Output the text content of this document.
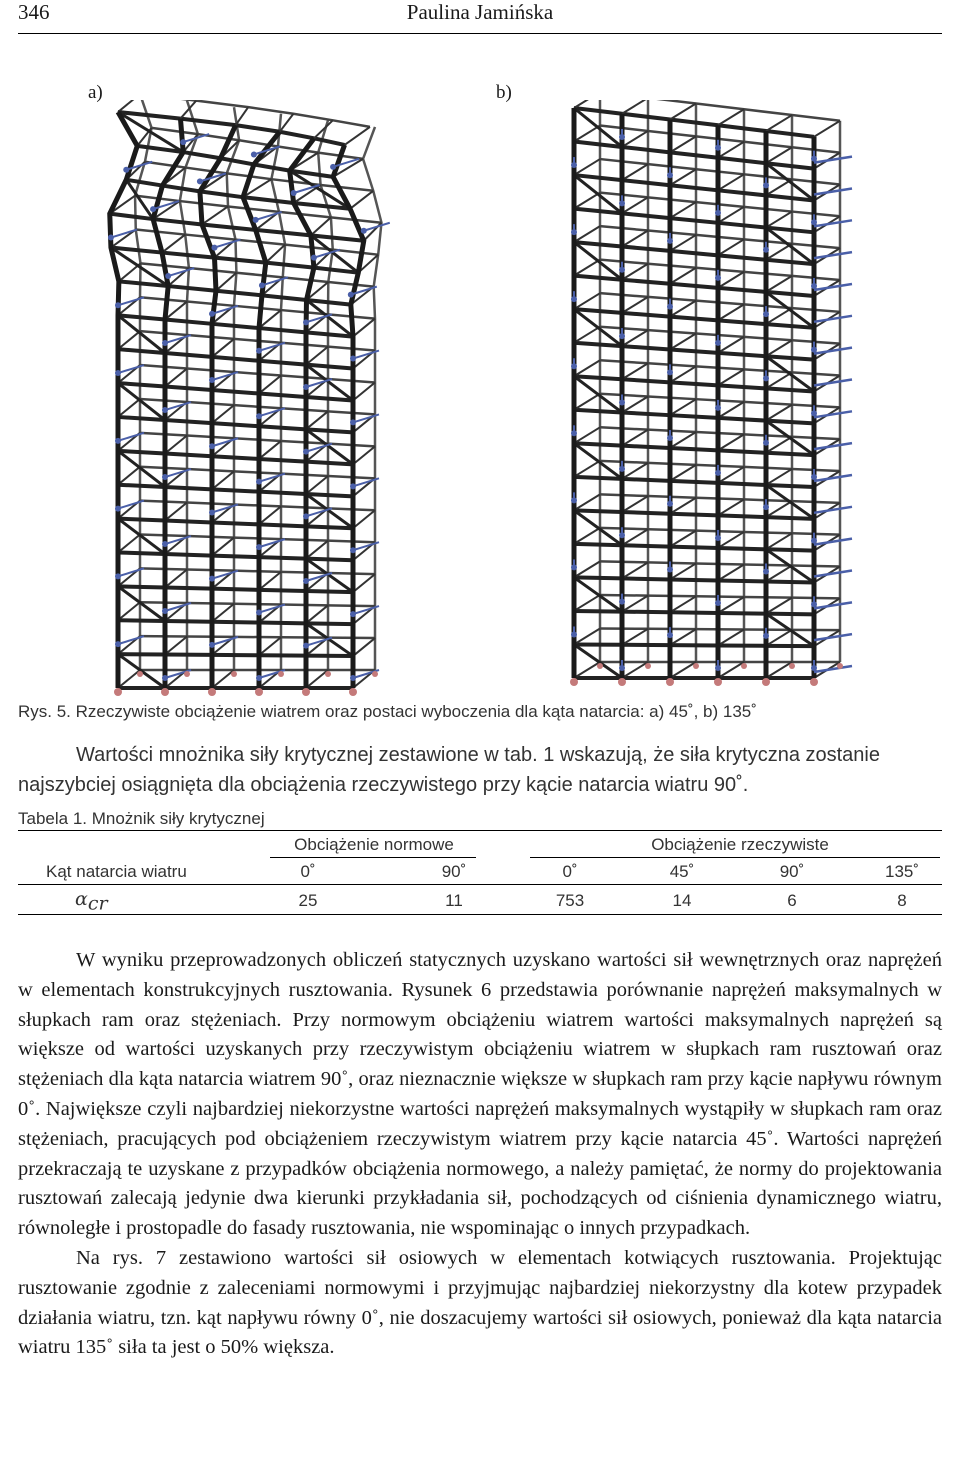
346	Paulina Jamińska
a)	b)
Rys. 5. Rzeczywiste obciążenie wiatrem oraz postaci wyboczenia dla kąta natarcia: a) 45˚, b) 135˚

Wartości mnożnika siły krytycznej zestawione w tab. 1 wskazują, że siła krytyczna zostanie najszybciej osiągnięta dla obciążenia rzeczywistego przy kącie natarcia wiatru 90˚.

Tabela 1. Mnożnik siły krytycznej
Obciążenie normowe	Obciążenie rzeczywiste
Kąt natarcia wiatru	0˚	90˚	0˚	45˚	90˚	135˚
$\alpha_{cr}$	25	11	753	14	6	8

W wyniku przeprowadzonych obliczeń statycznych uzyskano wartości sił wewnętrznych oraz naprężeń w elementach konstrukcyjnych rusztowania. Rysunek 6 przedstawia porównanie naprężeń maksymalnych w słupkach ram oraz stężeniach. Przy normowym obciążeniu wiatrem wartości maksymalnych naprężeń są większe od wartości uzyskanych przy rzeczywistym obciążeniu wiatrem w słupkach ram rusztowań oraz stężeniach dla kąta natarcia wiatrem 90˚, oraz nieznacznie większe w słupkach ram przy kącie napływu równym 0˚. Największe czyli najbardziej niekorzystne wartości naprężeń maksymalnych wystąpiły w słupkach ram oraz stężeniach, pracujących pod obciążeniem rzeczywistym wiatrem przy kącie natarcia 45˚. Wartości naprężeń przekraczają te uzyskane z przypadków obciążenia normowego, a należy pamiętać, że normy do projektowania rusztowań zalecają jedynie dwa kierunki przykładania sił, pochodzących od ciśnienia dynamicznego wiatru, równoległe i prostopadle do fasady rusztowania, nie wspominając o innych przypadkach.

Na rys. 7 zestawiono wartości sił osiowych w elementach kotwiących rusztowania. Projektując rusztowanie zgodnie z zaleceniami normowymi i przyjmując najbardziej niekorzystny dla kotew przypadek działania wiatru, tzn. kąt napływu równy 0˚, nie doszacujemy wartości sił osiowych, ponieważ dla kąta natarcia wiatru 135˚ siła ta jest o 50% większa.
